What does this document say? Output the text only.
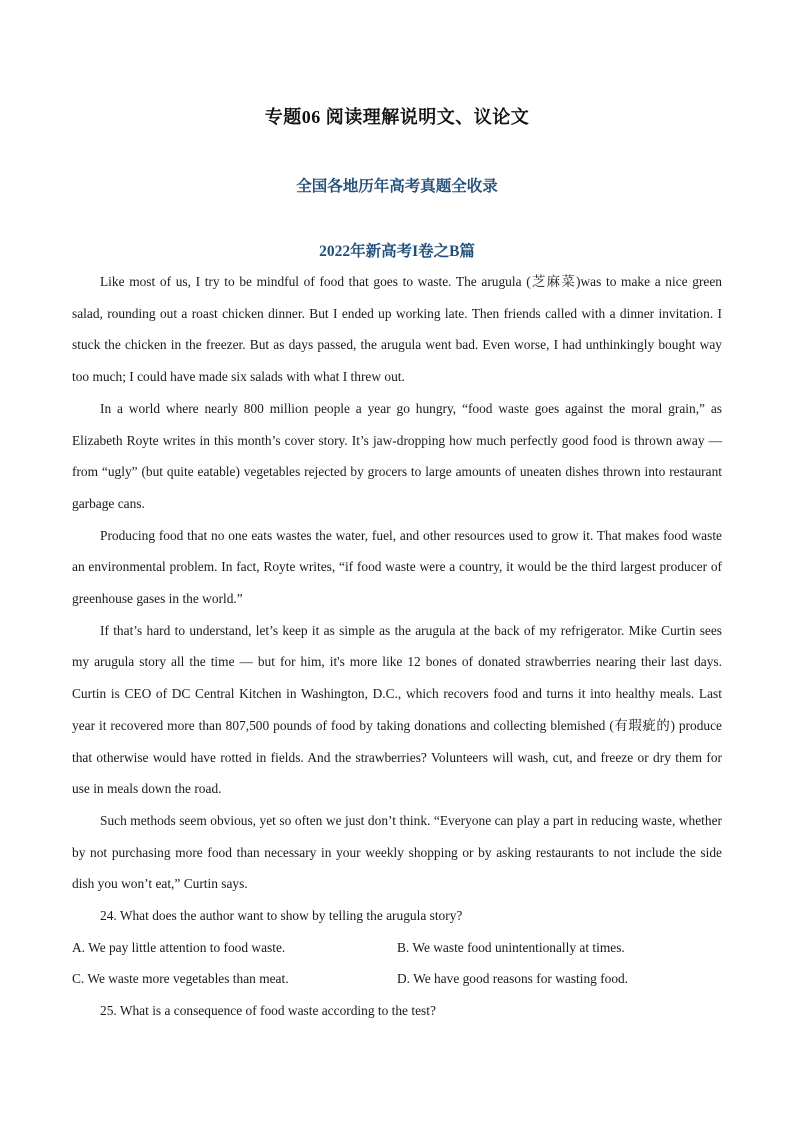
专题06 阅读理解说明文、议论文
全国各地历年高考真题全收录
2022年新高考I卷之B篇

Like most of us, I try to be mindful of food that goes to waste. The arugula (芝麻菜)was to make a nice green salad, rounding out a roast chicken dinner. But I ended up working late. Then friends called with a dinner invitation. I stuck the chicken in the freezer. But as days passed, the arugula went bad. Even worse, I had unthinkingly bought way too much; I could have made six salads with what I threw out.

In a world where nearly 800 million people a year go hungry, “food waste goes against the moral grain,” as Elizabeth Royte writes in this month’s cover story. It’s jaw-dropping how much perfectly good food is thrown away — from “ugly” (but quite eatable) vegetables rejected by grocers to large amounts of uneaten dishes thrown into restaurant garbage cans.

Producing food that no one eats wastes the water, fuel, and other resources used to grow it. That makes food waste an environmental problem. In fact, Royte writes, “if food waste were a country, it would be the third largest producer of greenhouse gases in the world.”

If that’s hard to understand, let’s keep it as simple as the arugula at the back of my refrigerator. Mike Curtin sees my arugula story all the time — but for him, it's more like 12 bones of donated strawberries nearing their last days. Curtin is CEO of DC Central Kitchen in Washington, D.C., which recovers food and turns it into healthy meals. Last year it recovered more than 807,500 pounds of food by taking donations and collecting blemished (有瑕疵的) produce that otherwise would have rotted in fields. And the strawberries? Volunteers will wash, cut, and freeze or dry them for use in meals down the road.

Such methods seem obvious, yet so often we just don’t think. “Everyone can play a part in reducing waste, whether by not purchasing more food than necessary in your weekly shopping or by asking restaurants to not include the side dish you won’t eat,” Curtin says.

24. What does the author want to show by telling the arugula story?

A. We pay little attention to food waste.	B. We waste food unintentionally at times.
C. We waste more vegetables than meat.	D. We have good reasons for wasting food.

25. What is a consequence of food waste according to the test?
